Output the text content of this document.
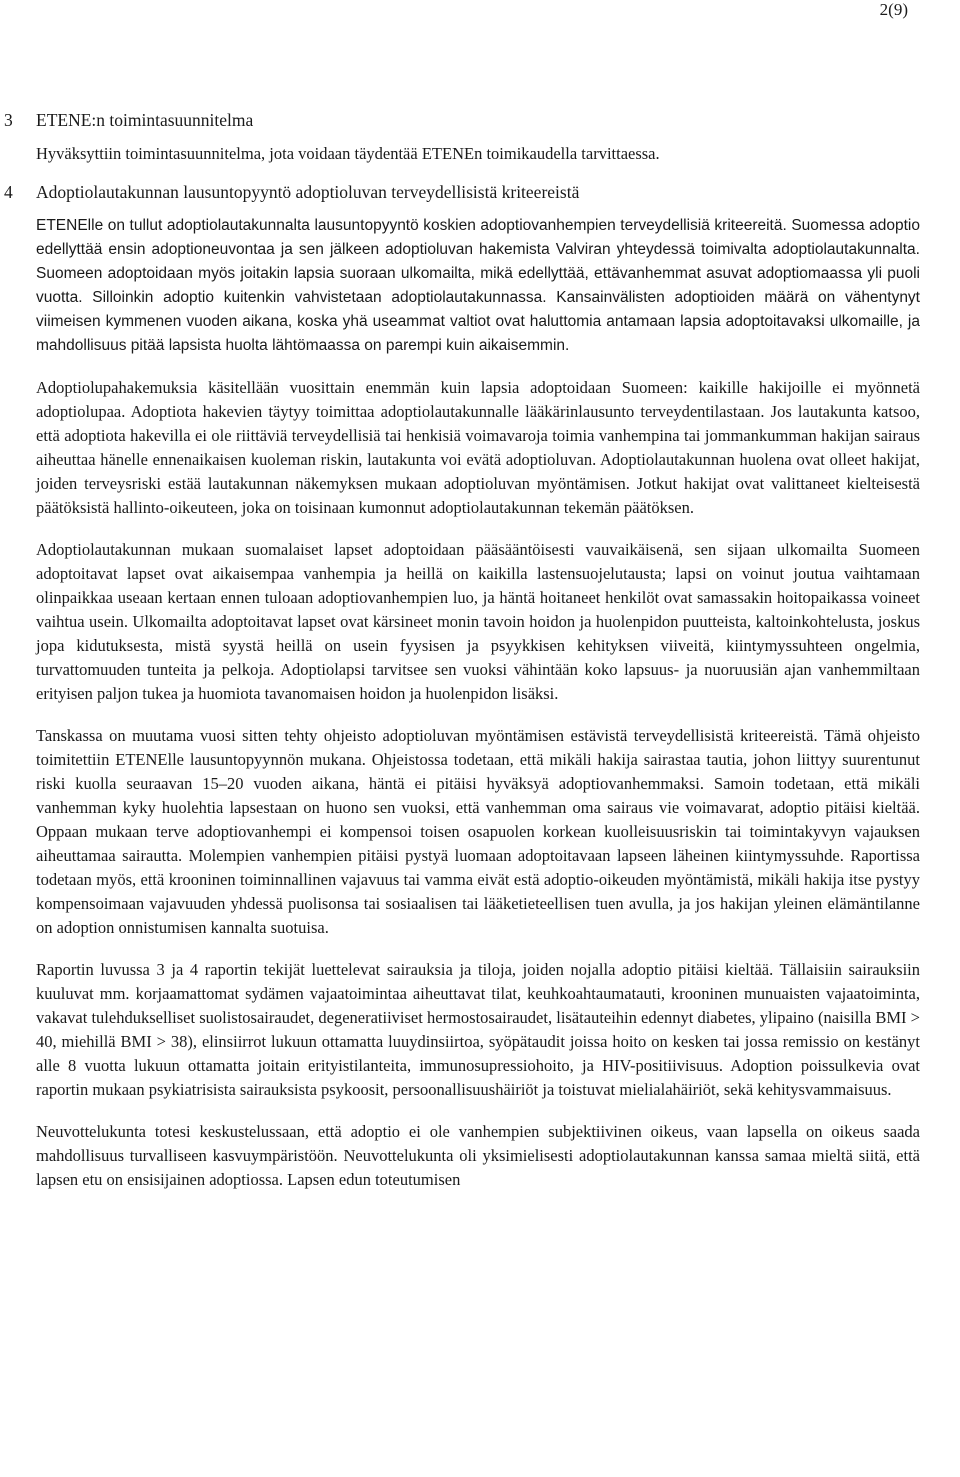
2(9)
3 ETENE:n toimintasuunnitelma

Hyväksyttiin toimintasuunnitelma, jota voidaan täydentää ETENEn toimikaudella tarvittaessa.

4 Adoptiolautakunnan lausuntopyyntö adoptioluvan terveydellisistä kriteereistä

ETENElle on tullut adoptiolautakunnalta lausuntopyyntö koskien adoptiovanhempien terveydellisiä kriteereitä. Suomessa adoptio edellyttää ensin adoptioneuvontaa ja sen jälkeen adoptioluvan hakemista Valviran yhteydessä toimivalta adoptiolautakunnalta. Suomeen adoptoidaan myös joitakin lapsia suoraan ulkomailta, mikä edellyttää, ettävanhemmat asuvat adoptiomaassa yli puoli vuotta. Silloinkin adoptio kuitenkin vahvistetaan adoptiolautakunnassa. Kansainvälisten adoptioiden määrä on vähentynyt viimeisen kymmenen vuoden aikana, koska yhä useammat valtiot ovat haluttomia antamaan lapsia adoptoitavaksi ulkomaille, ja mahdollisuus pitää lapsista huolta lähtömaassa on parempi kuin aikaisemmin.

Adoptiolupahakemuksia käsitellään vuosittain enemmän kuin lapsia adoptoidaan Suomeen: kaikille hakijoille ei myönnetä adoptiolupaa. Adoptiota hakevien täytyy toimittaa adoptiolautakunnalle lääkärinlausunto terveydentilastaan. Jos lautakunta katsoo, että adoptiota hakevilla ei ole riittäviä terveydellisiä tai henkisiä voimavaroja toimia vanhempina tai jommankumman hakijan sairaus aiheuttaa hänelle ennenaikaisen kuoleman riskin, lautakunta voi evätä adoptioluvan. Adoptiolautakunnan huolena ovat olleet hakijat, joiden terveysriski estää lautakunnan näkemyksen mukaan adoptioluvan myöntämisen. Jotkut hakijat ovat valittaneet kielteisestä päätöksistä hallinto-oikeuteen, joka on toisinaan kumonnut adoptiolautakunnan tekemän päätöksen.

Adoptiolautakunnan mukaan suomalaiset lapset adoptoidaan pääsääntöisesti vauvaikäisenä, sen sijaan ulkomailta Suomeen adoptoitavat lapset ovat aikaisempaa vanhempia ja heillä on kaikilla lastensuojelutausta; lapsi on voinut joutua vaihtamaan olinpaikkaa useaan kertaan ennen tuloaan adoptiovanhempien luo, ja häntä hoitaneet henkilöt ovat samassakin hoitopaikassa voineet vaihtua usein. Ulkomailta adoptoitavat lapset ovat kärsineet monin tavoin hoidon ja huolenpidon puutteista, kaltoinkohtelusta, joskus jopa kidutuksesta, mistä syystä heillä on usein fyysisen ja psyykkisen kehityksen viiveitä, kiintymyssuhteen ongelmia, turvattomuuden tunteita ja pelkoja. Adoptiolapsi tarvitsee sen vuoksi vähintään koko lapsuus- ja nuoruusiän ajan vanhemmiltaan erityisen paljon tukea ja huomiota tavanomaisen hoidon ja huolenpidon lisäksi.

Tanskassa on muutama vuosi sitten tehty ohjeisto adoptioluvan myöntämisen estävistä terveydellisistä kriteereistä. Tämä ohjeisto toimitettiin ETENElle lausuntopyynnön mukana. Ohjeistossa todetaan, että mikäli hakija sairastaa tautia, johon liittyy suurentunut riski kuolla seuraavan 15–20 vuoden aikana, häntä ei pitäisi hyväksyä adoptiovanhemmaksi. Samoin todetaan, että mikäli vanhemman kyky huolehtia lapsestaan on huono sen vuoksi, että vanhemman oma sairaus vie voimavarat, adoptio pitäisi kieltää. Oppaan mukaan terve adoptiovanhempi ei kompensoi toisen osapuolen korkean kuolleisuusriskin tai toimintakyvyn vajauksen aiheuttamaa sairautta. Molempien vanhempien pitäisi pystyä luomaan adoptoitavaan lapseen läheinen kiintymyssuhde. Raportissa todetaan myös, että krooninen toiminnallinen vajavuus tai vamma eivät estä adoptio-oikeuden myöntämistä, mikäli hakija itse pystyy kompensoimaan vajavuuden yhdessä puolisonsa tai sosiaalisen tai lääketieteellisen tuen avulla, ja jos hakijan yleinen elämäntilanne on adoption onnistumisen kannalta suotuisa.

Raportin luvussa 3 ja 4 raportin tekijät luettelevat sairauksia ja tiloja, joiden nojalla adoptio pitäisi kieltää. Tällaisiin sairauksiin kuuluvat mm. korjaamattomat sydämen vajaatoimintaa aiheuttavat tilat, keuhkoahtaumatauti, krooninen munuaisten vajaatoiminta, vakavat tulehdukselliset suolistosairaudet, degeneratiiviset hermostosairaudet, lisätauteihin edennyt diabetes, ylipaino (naisilla BMI > 40, miehillä BMI > 38), elinsiirrot lukuun ottamatta luuydinsiirtoa, syöpätaudit joissa hoito on kesken tai jossa remissio on kestänyt alle 8 vuotta lukuun ottamatta joitain erityistilanteita, immunosupressiohoito, ja HIV-positiivisuus. Adoption poissulkevia ovat raportin mukaan psykiatrisista sairauksista psykoosit, persoonallisuushäiriöt ja toistuvat mielialahäiriöt, sekä kehitysvammaisuus.

Neuvottelukunta totesi keskustelussaan, että adoptio ei ole vanhempien subjektiivinen oikeus, vaan lapsella on oikeus saada mahdollisuus turvalliseen kasvuympäristöön. Neuvottelukunta oli yksimielisesti adoptiolautakunnan kanssa samaa mieltä siitä, että lapsen etu on ensisijainen adoptiossa. Lapsen edun toteutumisen
